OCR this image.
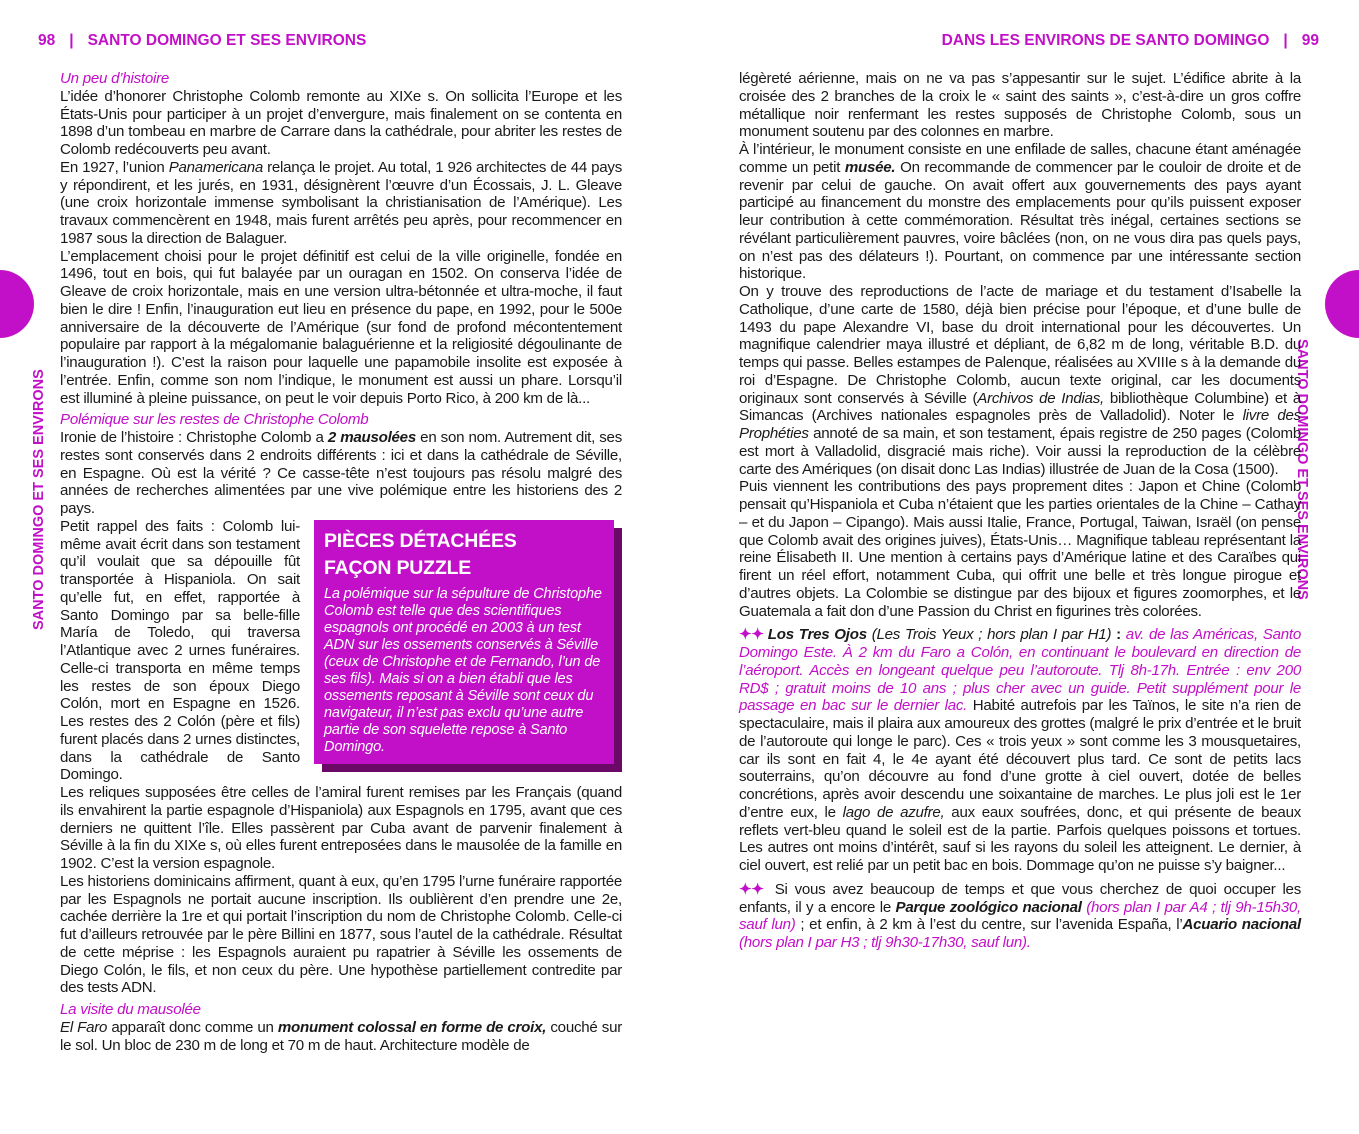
98 | SANTO DOMINGO ET SES ENVIRONS	DANS LES ENVIRONS DE SANTO DOMINGO | 99
SANTO DOMINGO ET SES ENVIRONS	SANTO DOMINGO ET SES ENVIRONS

Un peu d’histoire

L’idée d’honorer Christophe Colomb remonte au XIXe s. On sollicita l’Europe et les États-Unis pour participer à un projet d’envergure, mais finalement on se contenta en 1898 d’un tombeau en marbre de Carrare dans la cathédrale, pour abriter les restes de Colomb redécouverts peu avant.

En 1927, l’union Panamericana relança le projet. Au total, 1 926 architectes de 44 pays y répondirent, et les jurés, en 1931, désignèrent l’œuvre d’un Écossais, J. L. Gleave (une croix horizontale immense symbolisant la christianisation de l’Amérique). Les travaux commencèrent en 1948, mais furent arrêtés peu après, pour recommencer en 1987 sous la direction de Balaguer.

L’emplacement choisi pour le projet définitif est celui de la ville originelle, fondée en 1496, tout en bois, qui fut balayée par un ouragan en 1502. On conserva l’idée de Gleave de croix horizontale, mais en une version ultra-bétonnée et ultra-moche, il faut bien le dire ! Enfin, l’inauguration eut lieu en présence du pape, en 1992, pour le 500e anniversaire de la découverte de l’Amérique (sur fond de profond mécontentement populaire par rapport à la mégalomanie balaguérienne et la religiosité dégoulinante de l’inauguration !). C’est la raison pour laquelle une papamobile insolite est exposée à l’entrée. Enfin, comme son nom l’indique, le monument est aussi un phare. Lorsqu’il est illuminé à pleine puissance, on peut le voir depuis Porto Rico, à 200 km de là...

Polémique sur les restes de Christophe Colomb

Ironie de l’histoire : Christophe Colomb a 2 mausolées en son nom. Autrement dit, ses restes sont conservés dans 2 endroits différents : ici et dans la cathédrale de Séville, en Espagne. Où est la vérité ? Ce casse-tête n’est toujours pas résolu malgré des années de recherches alimentées par une vive polémique entre les historiens des 2 pays.

PIÈCES DÉTACHÉES
FAÇON PUZZLE
La polémique sur la sépulture de Christophe Colomb est telle que des scientifiques espagnols ont procédé en 2003 à un test ADN sur les ossements conservés à Séville (ceux de Christophe et de Fernando, l’un de ses fils). Mais si on a bien établi que les ossements reposant à Séville sont ceux du navigateur, il n’est pas exclu qu’une autre partie de son squelette repose à Santo Domingo.

Petit rappel des faits : Colomb lui-même avait écrit dans son testament qu’il voulait que sa dépouille fût transportée à Hispaniola. On sait qu’elle fut, en effet, rapportée à Santo Domingo par sa belle-fille María de Toledo, qui traversa l’Atlantique avec 2 urnes funéraires. Celle-ci transporta en même temps les restes de son époux Diego Colón, mort en Espagne en 1526. Les restes des 2 Colón (père et fils) furent placés dans 2 urnes distinctes, dans la cathédrale de Santo Domingo.

Les reliques supposées être celles de l’amiral furent remises par les Français (quand ils envahirent la partie espagnole d’Hispaniola) aux Espagnols en 1795, avant que ces derniers ne quittent l’île. Elles passèrent par Cuba avant de parvenir finalement à Séville à la fin du XIXe s, où elles furent entreposées dans le mausolée de la famille en 1902. C’est la version espagnole.

Les historiens dominicains affirment, quant à eux, qu’en 1795 l’urne funéraire rapportée par les Espagnols ne portait aucune inscription. Ils oublièrent d’en prendre une 2e, cachée derrière la 1re et qui portait l’inscription du nom de Christophe Colomb. Celle-ci fut d’ailleurs retrouvée par le père Billini en 1877, sous l’autel de la cathédrale. Résultat de cette méprise : les Espagnols auraient pu rapatrier à Séville les ossements de Diego Colón, le fils, et non ceux du père. Une hypothèse partiellement contredite par des tests ADN.

La visite du mausolée

El Faro apparaît donc comme un monument colossal en forme de croix, couché sur le sol. Un bloc de 230 m de long et 70 m de haut. Architecture modèle de

légèreté aérienne, mais on ne va pas s’appesantir sur le sujet. L’édifice abrite à la croisée des 2 branches de la croix le « saint des saints », c’est-à-dire un gros coffre métallique noir renfermant les restes supposés de Christophe Colomb, sous un monument soutenu par des colonnes en marbre.

À l’intérieur, le monument consiste en une enfilade de salles, chacune étant aménagée comme un petit musée. On recommande de commencer par le couloir de droite et de revenir par celui de gauche. On avait offert aux gouvernements des pays ayant participé au financement du monstre des emplacements pour qu’ils puissent exposer leur contribution à cette commémoration. Résultat très inégal, certaines sections se révélant particulièrement pauvres, voire bâclées (non, on ne vous dira pas quels pays, on n’est pas des délateurs !). Pourtant, on commence par une intéressante section historique.

On y trouve des reproductions de l’acte de mariage et du testament d’Isabelle la Catholique, d’une carte de 1580, déjà bien précise pour l’époque, et d’une bulle de 1493 du pape Alexandre VI, base du droit international pour les découvertes. Un magnifique calendrier maya illustré et dépliant, de 6,82 m de long, véritable B.D. du temps qui passe. Belles estampes de Palenque, réalisées au XVIIIe s à la demande du roi d’Espagne. De Christophe Colomb, aucun texte original, car les documents originaux sont conservés à Séville (Archivos de Indias, bibliothèque Columbine) et à Simancas (Archives nationales espagnoles près de Valladolid). Noter le livre des Prophéties annoté de sa main, et son testament, épais registre de 250 pages (Colomb est mort à Valladolid, disgracié mais riche). Voir aussi la reproduction de la célèbre carte des Amériques (on disait donc Las Indias) illustrée de Juan de la Cosa (1500).

Puis viennent les contributions des pays proprement dites : Japon et Chine (Colomb pensait qu’Hispaniola et Cuba n’étaient que les parties orientales de la Chine – Cathay – et du Japon – Cipango). Mais aussi Italie, France, Portugal, Taiwan, Israël (on pense que Colomb avait des origines juives), États-Unis… Magnifique tableau représentant la reine Élisabeth II. Une mention à certains pays d’Amérique latine et des Caraïbes qui firent un réel effort, notamment Cuba, qui offrit une belle et très longue pirogue et d’autres objets. La Colombie se distingue par des bijoux et figures zoomorphes, et le Guatemala a fait don d’une Passion du Christ en figurines très colorées.

✦✦ Los Tres Ojos (Les Trois Yeux ; hors plan I par H1) : av. de las Américas, Santo Domingo Este. À 2 km du Faro a Colón, en continuant le boulevard en direction de l’aéroport. Accès en longeant quelque peu l’autoroute. Tlj 8h-17h. Entrée : env 200 RD$ ; gratuit moins de 10 ans ; plus cher avec un guide. Petit supplément pour le passage en bac sur le dernier lac. Habité autrefois par les Taïnos, le site n’a rien de spectaculaire, mais il plaira aux amoureux des grottes (malgré le prix d’entrée et le bruit de l’autoroute qui longe le parc). Ces « trois yeux » sont comme les 3 mousquetaires, car ils sont en fait 4, le 4e ayant été découvert plus tard. Ce sont de petits lacs souterrains, qu’on découvre au fond d’une grotte à ciel ouvert, dotée de belles concrétions, après avoir descendu une soixantaine de marches. Le plus joli est le 1er d’entre eux, le lago de azufre, aux eaux soufrées, donc, et qui présente de beaux reflets vert-bleu quand le soleil est de la partie. Parfois quelques poissons et tortues. Les autres ont moins d’intérêt, sauf si les rayons du soleil les atteignent. Le dernier, à ciel ouvert, est relié par un petit bac en bois. Dommage qu’on ne puisse s’y baigner...

✦✦ Si vous avez beaucoup de temps et que vous cherchez de quoi occuper les enfants, il y a encore le Parque zoológico nacional (hors plan I par A4 ; tlj 9h-15h30, sauf lun) ; et enfin, à 2 km à l’est du centre, sur l’avenida España, l’Acuario nacional (hors plan I par H3 ; tlj 9h30-17h30, sauf lun).
